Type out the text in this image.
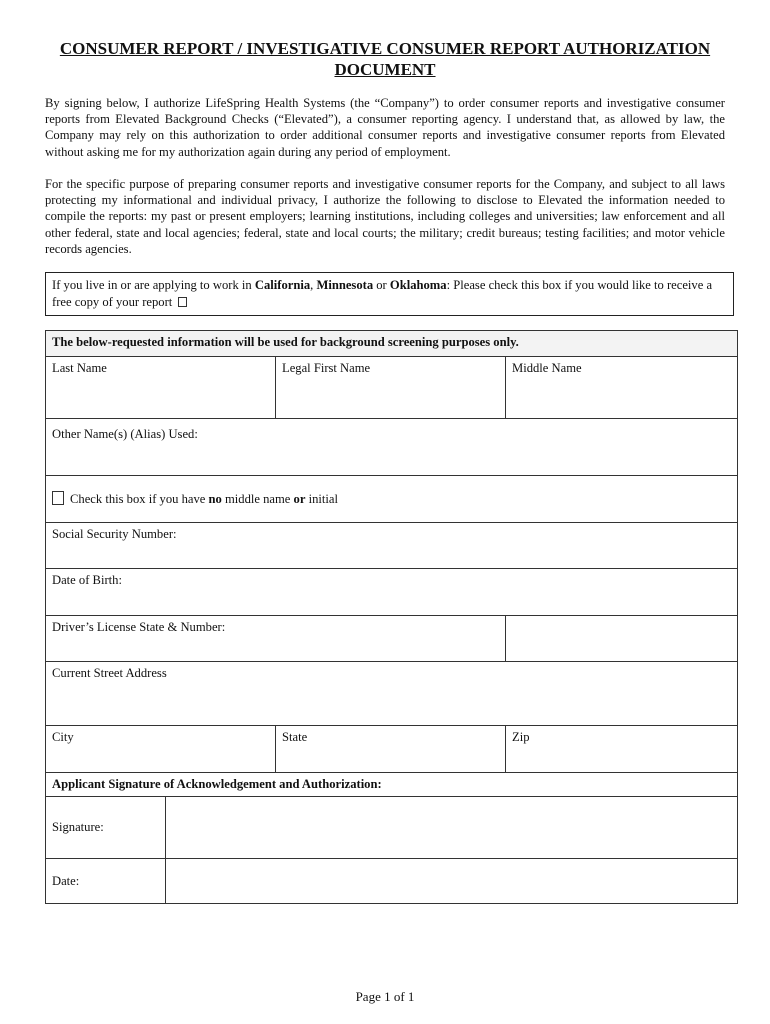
CONSUMER REPORT / INVESTIGATIVE CONSUMER REPORT AUTHORIZATION
DOCUMENT

By signing below, I authorize LifeSpring Health Systems (the “Company”) to order consumer reports and investigative consumer reports from Elevated Background Checks (“Elevated”), a consumer reporting agency. I understand that, as allowed by law, the Company may rely on this authorization to order additional consumer reports and investigative consumer reports from Elevated without asking me for my authorization again during any period of employment.

For the specific purpose of preparing consumer reports and investigative consumer reports for the Company, and subject to all laws protecting my informational and individual privacy, I authorize the following to disclose to Elevated the information needed to compile the reports: my past or present employers; learning institutions, including colleges and universities; law enforcement and all other federal, state and local agencies; federal, state and local courts; the military; credit bureaus; testing facilities; and motor vehicle records agencies.

If you live in or are applying to work in California, Minnesota or Oklahoma: Please check this box if you would like to receive a free copy of your report
The below-requested information will be used for background screening purposes only.			

Last Name		Legal First Name	Middle Name

Other Name(s) (Alias) Used:			

Check this box if you have no middle name or initial			

Social Security Number:			

Date of Birth:			

Driver’s License State & Number:			

Current Street Address			

City		State	Zip

Applicant Signature of Acknowledgement and Authorization:			
Signature:			
Date:			
Page 1 of 1
